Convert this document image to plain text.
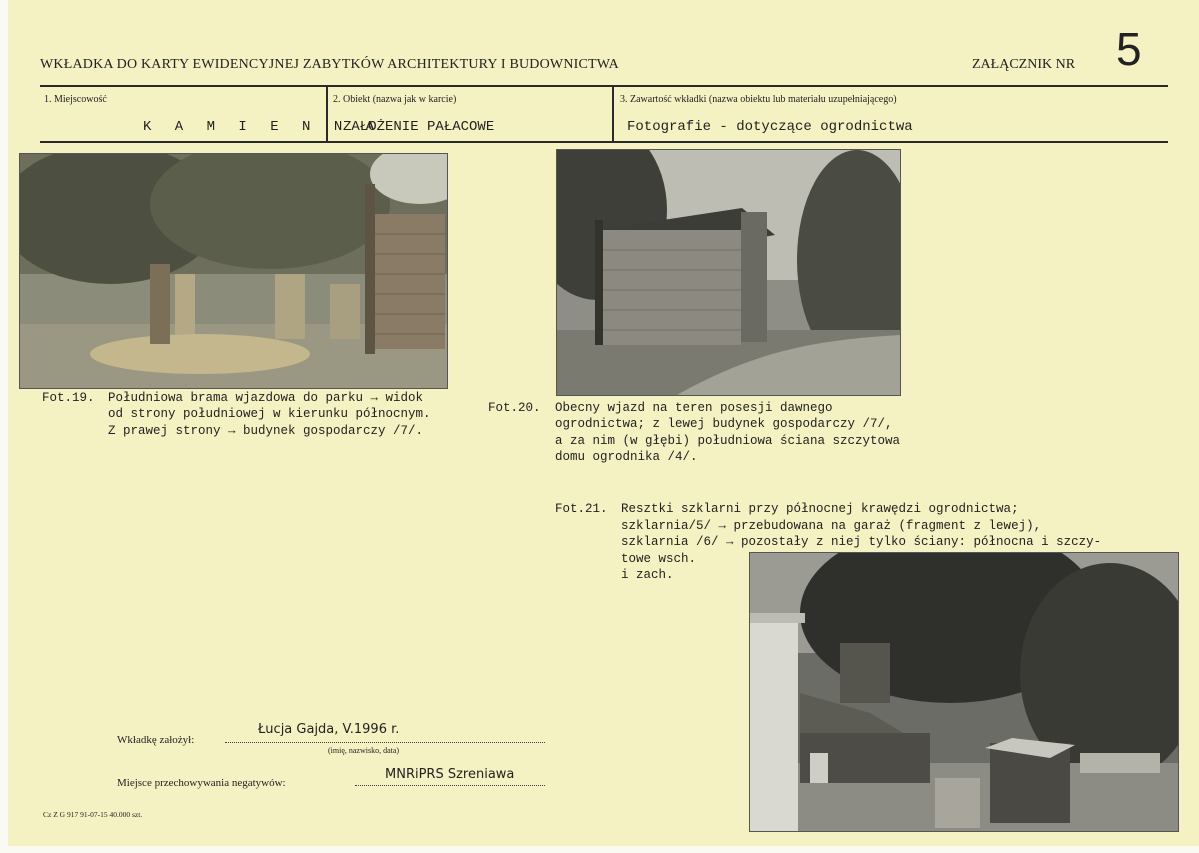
WKŁADKA DO KARTY EWIDENCYJNEJ ZABYTKÓW ARCHITEKTURY I BUDOWNICTWA	ZAŁĄCZNIK NR 5
1. Miejscowość
K A M I E N N A
2. Obiekt (nazwa jak w karcie)
ZAŁOŻENIE PAŁACOWE
3. Zawartość wkładki (nazwa obiektu lub materiału uzupełniającego)
Fotografie - dotyczące ogrodnictwa
Fot.19. Południowa brama wjazdowa do parku → widok
od strony południowej w kierunku północnym.
Z prawej strony → budynek gospodarczy /7/.
Fot.20. Obecny wjazd na teren posesji dawnego
ogrodnictwa; z lewej budynek gospodarczy /7/,
a za nim (w głębi) południowa ściana szczytowa
domu ogrodnika /4/.
Fot.21. Resztki szklarni przy północnej krawędzi ogrodnictwa;
szklarnia/5/ → przebudowana na garaż (fragment z lewej),
szklarnia /6/ → pozostały z niej tylko ściany: północna i szczy-
towe wsch.
i zach.
Wkładkę założył:
Łucja Gajda, V.1996 r.
(imię, nazwisko, data)
Miejsce przechowywania negatywów:
MNRiPRS Szreniawa
Cz Z G 917 91-07-15 40.000 szt.
